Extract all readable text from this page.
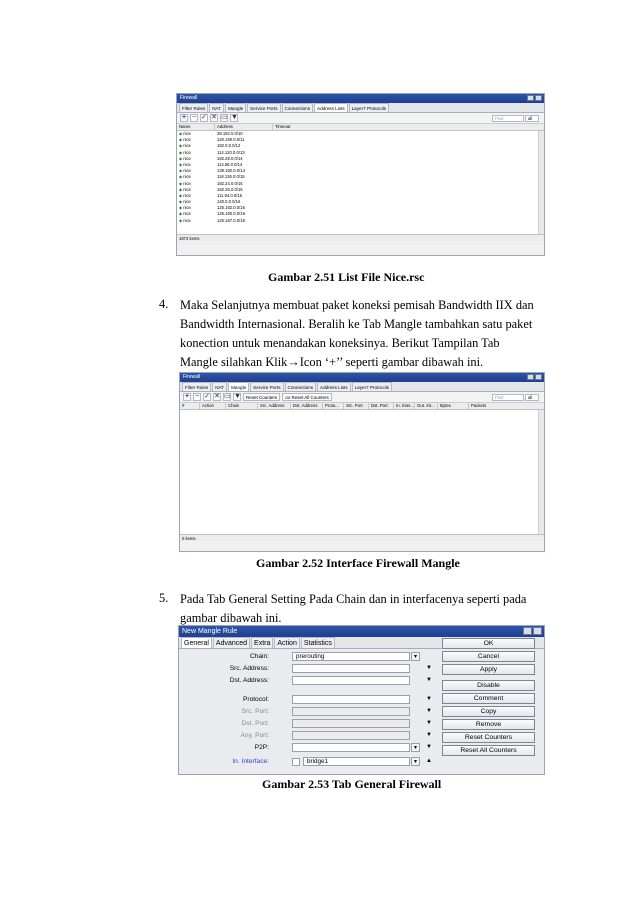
Firewall
Filter Rules	NAT	Mangle	Service Ports	Connections	Address Lists	Layer7 Protocols
+ − ✓ ✕ ▭ ▼	Find	all
Name	Address	Timeout
◆ nice	39.192.0.0/10
◆ nice	120.160.0.0/11
◆ nice	182.0.0.0/12
◆ nice	114.120.0.0/13
◆ nice	182.28.0.0/14
◆ nice	114.56.0.0/14
◆ nice	139.192.0.0/14
◆ nice	118.136.0.0/15
◆ nice	182.24.0.0/15
◆ nice	182.26.0.0/15
◆ nice	111.94.0.0/15
◆ nice	140.0.0.0/16
◆ nice	125.162.0.0/16
◆ nice	125.160.0.0/16
◆ nice	125.167.0.0/16
1873 items
Gambar 2.51 List File Nice.rsc
4. Maka Selanjutnya membuat paket koneksi pemisah Bandwidth IIX dan
Bandwidth Internasional. Beralih ke Tab Mangle tambahkan satu paket
konection untuk menandakan koneksinya. Berikut Tampilan Tab
Mangle silahkan Klik→Icon ‘+’’ seperti gambar dibawah ini.
Firewall
Filter Rules	NAT	Mangle	Service Ports	Connections	Address Lists	Layer7 Protocols
+ − ✓ ✕ ▭ ▼	Reset Counters	oo Reset All Counters	Find	all
#	Action	Chain	Src. Address	Dst. Address	Proto...	Src. Port	Dst. Port	In. Inter... Out. Int...	Bytes	Packets
0 items
Gambar 2.52 Interface Firewall Mangle
5. Pada Tab General Setting Pada Chain dan in interfacenya seperti pada
gambar dibawah ini.
New Mangle Rule
General	Advanced	Extra	Action	Statistics
Chain:	prerouting	▾
Src. Address:	▼
Dst. Address:	▼
Protocol:	▼
Src. Port:	▼
Dst. Port:	▼
Any. Port:	▼
P2P:	▾	▼
In. Interface:	bridge1	▾	▲
OK
Cancel
Apply
Disable
Comment
Copy
Remove
Reset Counters
Reset All Counters
Gambar 2.53 Tab General Firewall
